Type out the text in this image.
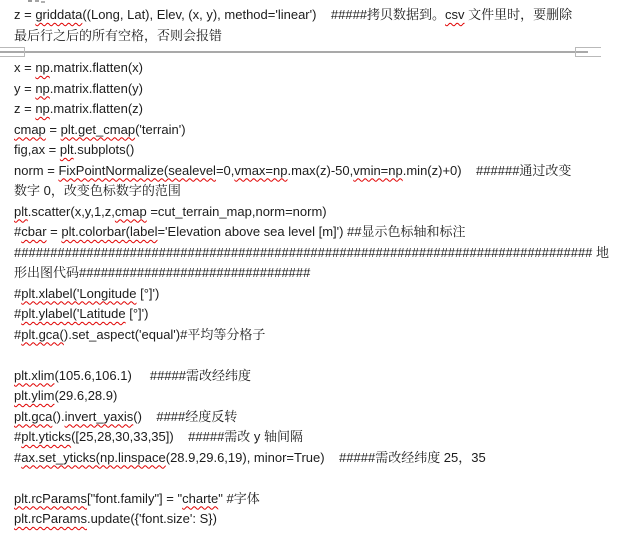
z = griddata((Long, Lat), Elev, (x, y), method='linear')    #####拷贝数据到。csv 文件里时，要删除
最后行之后的所有空格，否则会报错
x = np.matrix.flatten(x)
y = np.matrix.flatten(y)
z = np.matrix.flatten(z)
cmap = plt.get_cmap('terrain')
fig,ax = plt.subplots()
norm = FixPointNormalize(sealevel=0,vmax=np.max(z)-50,vmin=np.min(z)+0)    ######通过改变
数字 0，改变色标数字的范围
plt.scatter(x,y,1,z,cmap =cut_terrain_map,norm=norm)
#cbar = plt.colorbar(label='Elevation above sea level [m]') ##显示色标轴和标注
################################################################################ 地
形出图代码################################
#plt.xlabel('Longitude [°]')
#plt.ylabel('Latitude [°]')
#plt.gca().set_aspect('equal')#平均等分格子

plt.xlim(105.6,106.1)     #####需改经纬度
plt.ylim(29.6,28.9)
plt.gca().invert_yaxis()    ####经度反转
#plt.yticks([25,28,30,33,35])    #####需改 y 轴间隔
#ax.set_yticks(np.linspace(28.9,29.6,19), minor=True)    #####需改经纬度 25，35

plt.rcParams["font.family"] = "charte" #字体
plt.rcParams.update({'font.size': S})
